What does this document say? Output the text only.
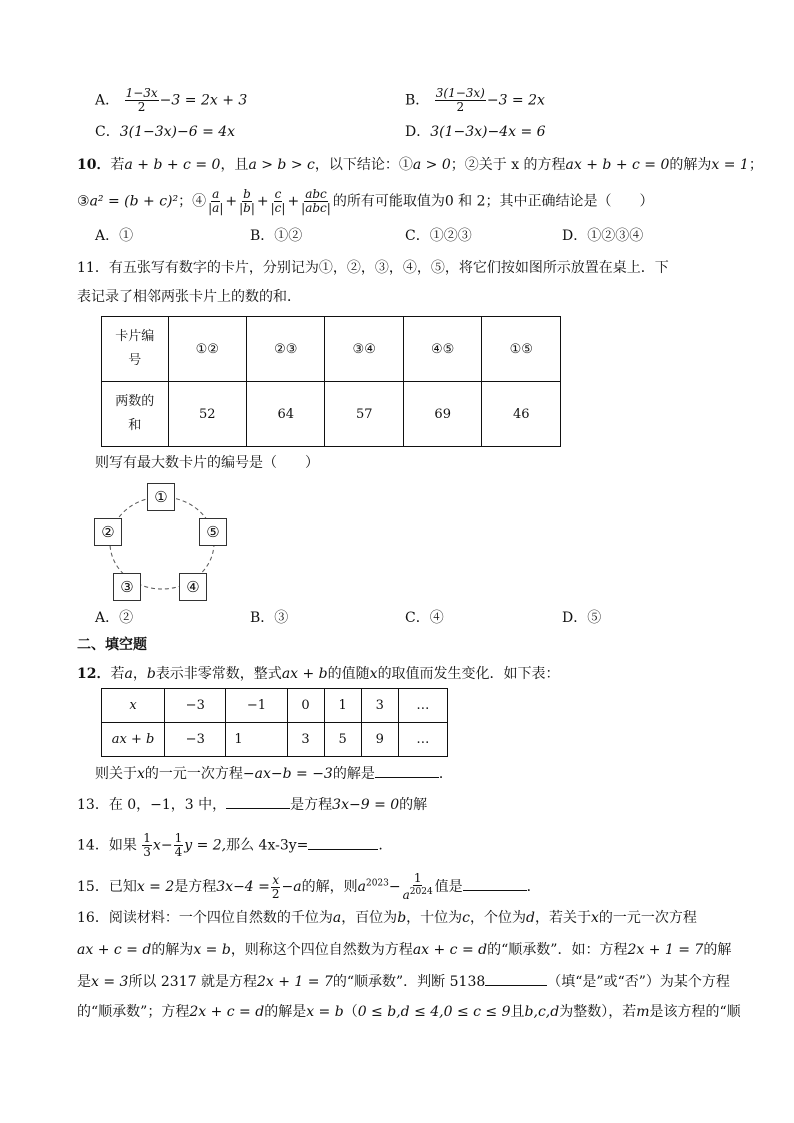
A． $\frac{1-3x}{2} -3 = 2x + 3$	B． $\frac{3(1-3x)}{2} -3 = 2x$
C．3(1−3x)−6 = 4x	D．3(1−3x)−4x = 6
10．若a + b + c = 0，且a > b > c，以下结论：①a > 0；②关于 x 的方程ax + b + c = 0的解为x = 1；
③a² = (b + c)²；④ $\frac{a}{|a|} + \frac{b}{|b|} + \frac{c}{|c|} + \frac{\text{abc}}{\text{|abc|}}$ 的所有可能取值为0 和 2；其中正确结论是（　　）
A．①	B．①②	C．①②③	D．①②③④
11．有五张写有数字的卡片，分别记为①，②，③，④，⑤，将它们按如图所示放置在桌上．下
表记录了相邻两张卡片上的数的和．
卡片编
号	①②	②③	③④	④⑤	①⑤
两数的
和	52	64	57	69	46
则写有最大数卡片的编号是（　　）
①
②	⑤
③	④
A．②	B．③	C．④	D．⑤
二、填空题
12．若a，b表示非零常数，整式ax + b的值随x的取值而发生变化．如下表：
x	−3	−1	0	1	3	…
ax + b	−3	1	3	5	9	…
则关于x的一元一次方程−ax−b = −3的解是	．
13．在 0，−1，3 中，	是方程3x−9 = 0的解
14．如果 $\frac{1}{3} x- \frac{1}{4}$ y = 2,那么 4x-3y=	.
15．已知x = 2是方程$3x-4 = \frac{x}{2} -a$的解，则$a^{2023}- \frac{1}{a^{2024}}$ 值是	．
16．阅读材料：一个四位自然数的千位为a，百位为b，十位为c，个位为d，若关于x的一元一次方程
ax + c = d的解为x = b，则称这个四位自然数为方程ax + c = d的“顺承数”．如：方程2x + 1 = 7的解
是x = 3所以 2317 就是方程2x + 1 = 7的“顺承数”．判断 5138	（填“是”或“否”）为某个方程
的“顺承数”；方程2x + c = d的解是x = b（0 ≤ b,d ≤ 4,0 ≤ c ≤ 9且b,c,d为整数），若m是该方程的“顺
